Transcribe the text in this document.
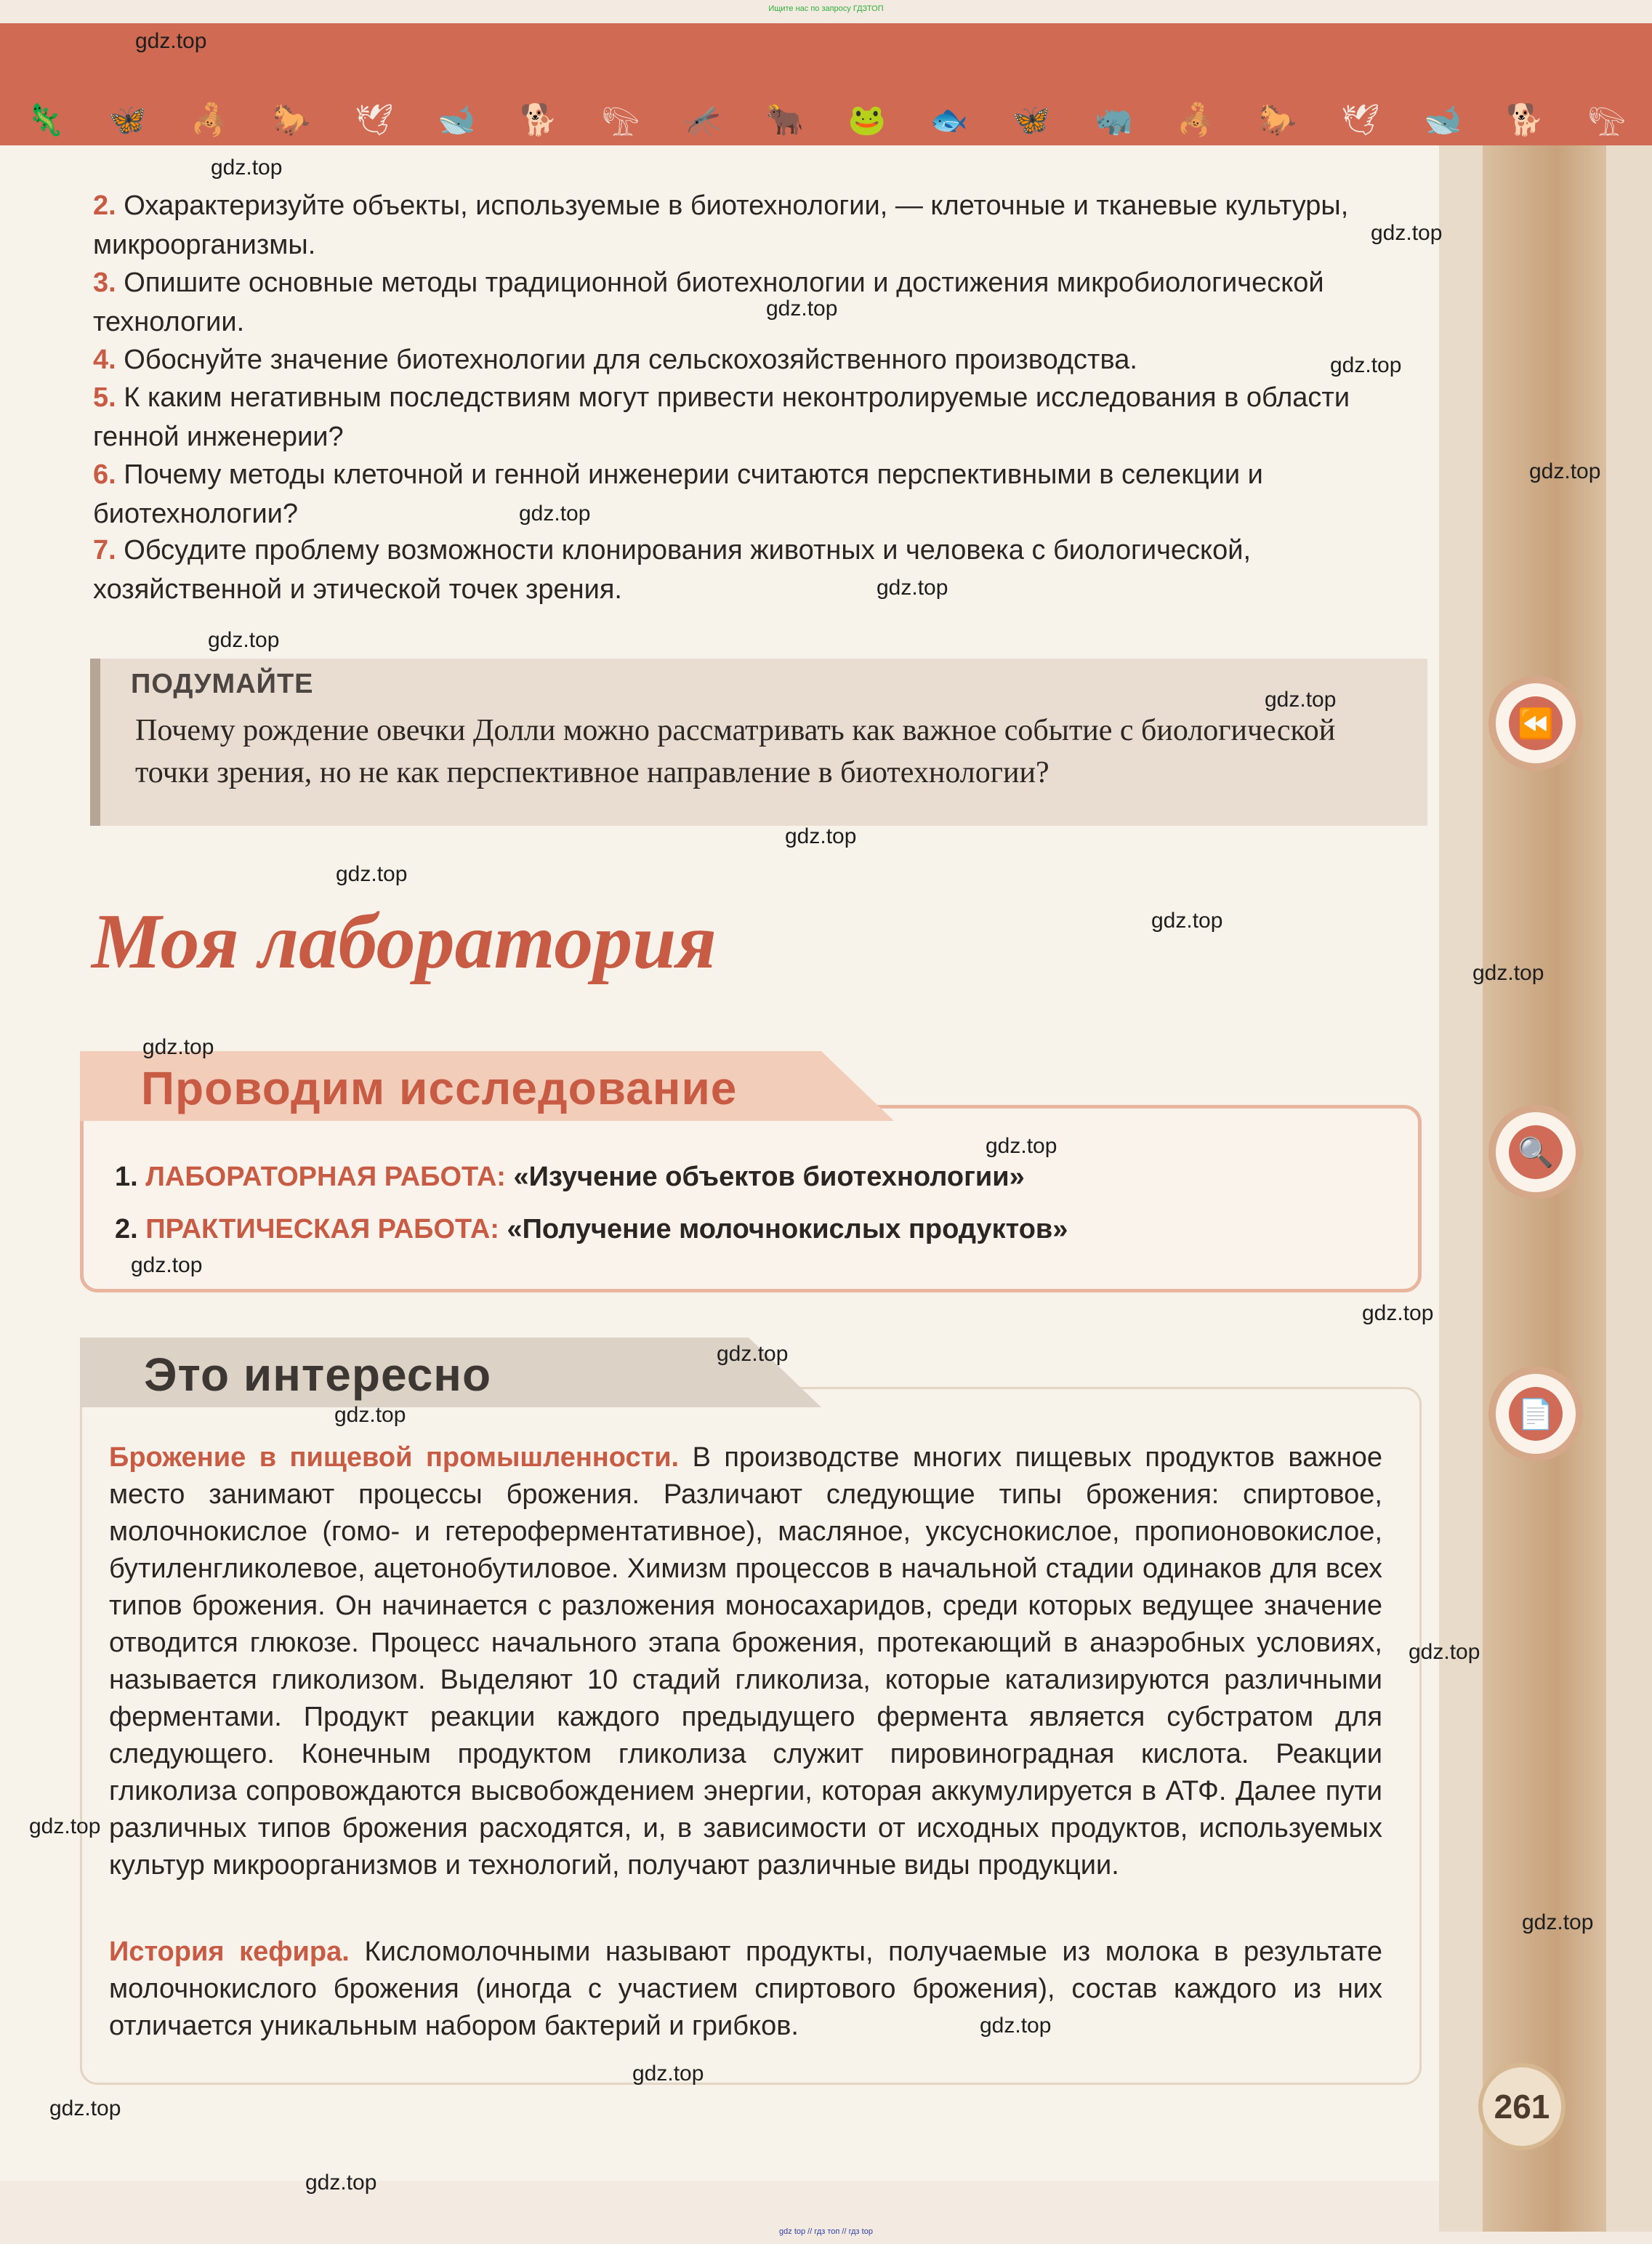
Ищите нас по запросу ГДЗТОП
🦎 🦋 🦂 🐎 🕊 🐋 🐕 𓅟 🦟 🐂 🐸 🐟 🦋 🦏 🦂 🐎 🕊 🐋 🐕 𓅟
⏪
🔍
📄
261
2. Охарактеризуйте объекты, используемые в биотехнологии, — клеточные и тканевые культуры, микроорганизмы.
3. Опишите основные методы традиционной биотехнологии и достижения микробиологической технологии.
4. Обоснуйте значение биотехнологии для сельскохозяйственного производства.
5. К каким негативным последствиям могут привести неконтролируемые исследования в области генной инженерии?
6. Почему методы клеточной и генной инженерии считаются перспективными в селекции и биотехнологии?
7. Обсудите проблему возможности клонирования животных и человека с биологической, хозяйственной и этической точек зрения.
ПОДУМАЙТЕ
Почему рождение овечки Долли можно рассматривать как важное событие с биологической точки зрения, но не как перспективное направление в биотехнологии?
Моя лаборатория
Проводим исследование
1. ЛАБОРАТОРНАЯ РАБОТА: «Изучение объектов биотехнологии»
2. ПРАКТИЧЕСКАЯ РАБОТА: «Получение молочнокислых продуктов»
Это интересно
Брожение в пищевой промышленности. В производстве многих пищевых продуктов важное место занимают процессы брожения. Различают следующие типы брожения: спиртовое, молочнокислое (гомо- и гетероферментативное), масляное, уксуснокислое, пропионовокислое, бутиленгликолевое, ацетонобутиловое. Химизм процессов в начальной стадии одинаков для всех типов брожения. Он начинается с разложения моносахаридов, среди которых ведущее значение отводится глюкозе. Процесс начального этапа брожения, протекающий в анаэробных условиях, называется гликолизом. Выделяют 10 стадий гликолиза, которые катализируются различными ферментами. Продукт реакции каждого предыдущего фермента является субстратом для следующего. Конечным продуктом гликолиза служит пировиноградная кислота. Реакции гликолиза сопровождаются высвобождением энергии, которая аккумулируется в АТФ. Далее пути различных типов брожения расходятся, и, в зависимости от исходных продуктов, используемых культур микроорганизмов и технологий, получают различные виды продукции.
История кефира. Кисломолочными называют продукты, получаемые из молока в результате молочнокислого брожения (иногда с участием спиртового брожения), состав каждого из них отличается уникальным набором бактерий и грибков.
gdz.top
gdz.top
gdz.top
gdz.top
gdz.top
gdz.top
gdz.top
gdz.top
gdz.top
gdz.top
gdz.top
gdz.top
gdz.top
gdz.top
gdz.top
gdz.top
gdz.top
gdz.top
gdz.top
gdz.top
gdz.top
gdz.top
gdz.top
gdz.top
gdz.top
gdz.top
gdz.top
gdz top // гдз топ // гдз top
